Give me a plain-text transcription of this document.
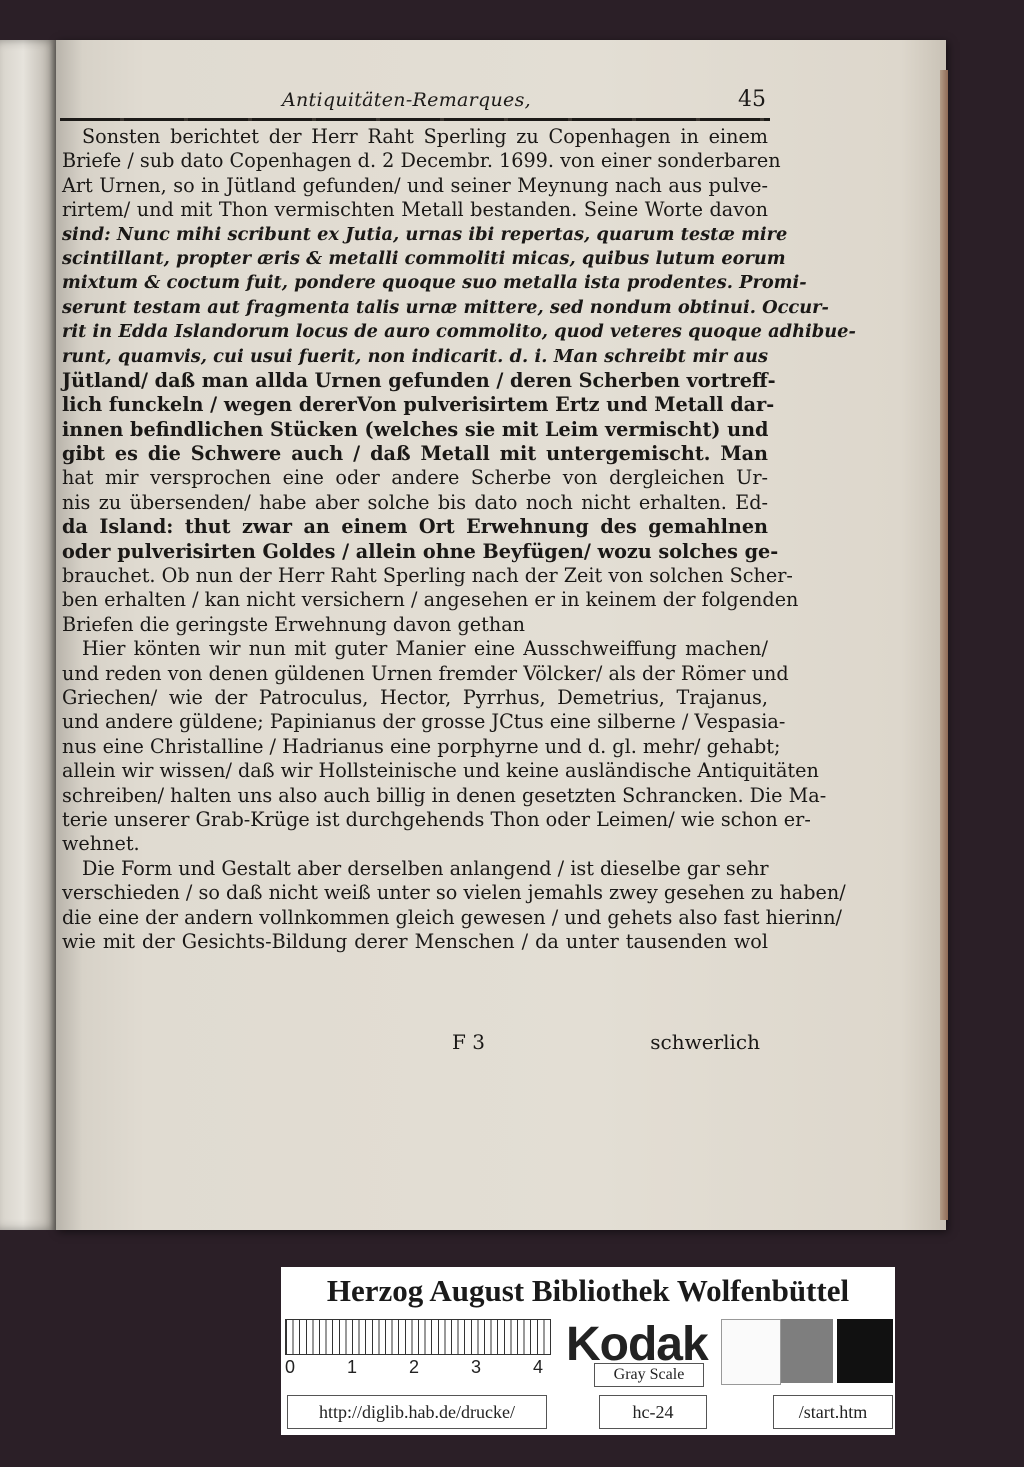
Antiquitäten-Remarques,	45
Sonsten berichtet der Herr Raht Sperling zu Copenhagen in einem
Briefe / sub dato Copenhagen d. 2 Decembr. 1699. von einer sonderbaren
Art Urnen, so in Jütland gefunden/ und seiner Meynung nach aus pulve-
rirtem/ und mit Thon vermischten Metall bestanden. Seine Worte davon
sind: Nunc mihi scribunt ex Jutia, urnas ibi repertas, quarum testæ mire
scintillant, propter æris & metalli commoliti micas, quibus lutum eorum
mixtum & coctum fuit, pondere quoque suo metalla ista prodentes. Promi-
serunt testam aut fragmenta talis urnæ mittere, sed nondum obtinui. Occur-
rit in Edda Islandorum locus de auro commolito, quod veteres quoque adhibue-
runt, quamvis, cui usui fuerit, non indicarit. d. i. Man schreibt mir aus
Jütland/ daß man allda Urnen gefunden / deren Scherben vortreff-
lich funckeln / wegen dererVon pulverisirtem Ertz und Metall dar-
innen befindlichen Stücken (welches sie mit Leim vermischt) und
gibt es die Schwere auch / daß Metall mit untergemischt. Man
hat mir versprochen eine oder andere Scherbe von dergleichen Ur-
nis zu übersenden/ habe aber solche bis dato noch nicht erhalten. Ed-
da Island: thut zwar an einem Ort Erwehnung des gemahlnen
oder pulverisirten Goldes / allein ohne Beyfügen/ wozu solches ge-
brauchet. Ob nun der Herr Raht Sperling nach der Zeit von solchen Scher-
ben erhalten / kan nicht versichern / angesehen er in keinem der folgenden
Briefen die geringste Erwehnung davon gethan
Hier könten wir nun mit guter Manier eine Ausschweiffung machen/
und reden von denen güldenen Urnen fremder Völcker/ als der Römer und
Griechen/ wie der Patroculus, Hector, Pyrrhus, Demetrius, Trajanus,
und andere güldene; Papinianus der grosse JCtus eine silberne / Vespasia-
nus eine Christalline / Hadrianus eine porphyrne und d. gl. mehr/ gehabt;
allein wir wissen/ daß wir Hollsteinische und keine ausländische Antiquitäten
schreiben/ halten uns also auch billig in denen gesetzten Schrancken. Die Ma-
terie unserer Grab-Krüge ist durchgehends Thon oder Leimen/ wie schon er-
wehnet.
Die Form und Gestalt aber derselben anlangend / ist dieselbe gar sehr
verschieden / so daß nicht weiß unter so vielen jemahls zwey gesehen zu haben/
die eine der andern vollnkommen gleich gewesen / und gehets also fast hierinn/
wie mit der Gesichts-Bildung derer Menschen / da unter tausenden wol
F 3	schwerlich
Herzog August Bibliothek Wolfenbüttel
0	1	2	3	4 Kodak
Gray Scale
http://diglib.hab.de/drucke/	hc-24	/start.htm
